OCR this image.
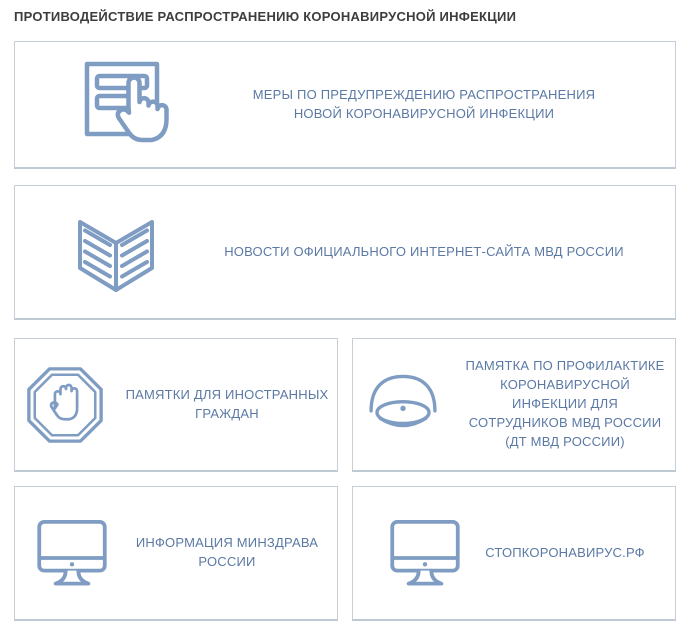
ПРОТИВОДЕЙСТВИЕ РАСПРОСТРАНЕНИЮ КОРОНАВИРУСНОЙ ИНФЕКЦИИ
МЕРЫ ПО ПРЕДУПРЕЖДЕНИЮ РАСПРОСТРАНЕНИЯ НОВОЙ КОРОНАВИРУСНОЙ ИНФЕКЦИИ
НОВОСТИ ОФИЦИАЛЬНОГО ИНТЕРНЕТ-САЙТА МВД РОССИИ
ПАМЯТКИ ДЛЯ ИНОСТРАННЫХ ГРАЖДАН
ПАМЯТКА ПО ПРОФИЛАКТИКЕ КОРОНАВИРУСНОЙ ИНФЕКЦИИ ДЛЯ СОТРУДНИКОВ МВД РОССИИ (ДТ МВД РОССИИ)
ИНФОРМАЦИЯ МИНЗДРАВА РОССИИ
СТОПКОРОНАВИРУС.РФ
